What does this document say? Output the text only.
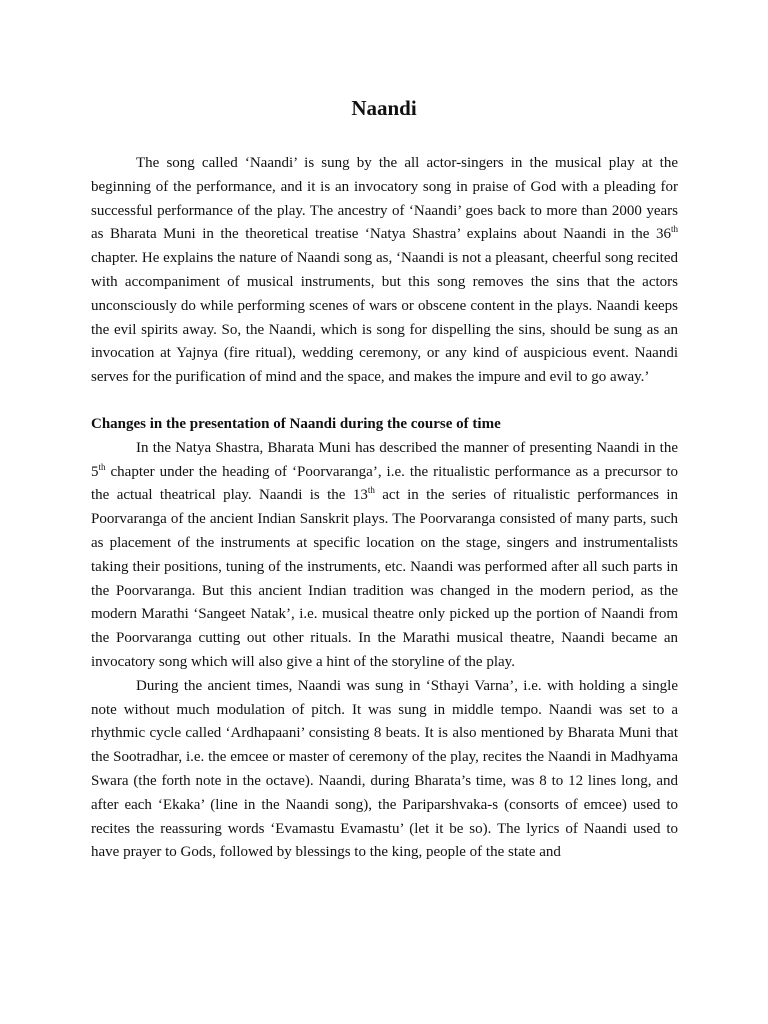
Naandi

The song called ‘Naandi’ is sung by the all actor-singers in the musical play at the beginning of the performance, and it is an invocatory song in praise of God with a pleading for successful performance of the play. The ancestry of ‘Naandi’ goes back to more than 2000 years as Bharata Muni in the theoretical treatise ‘Natya Shastra’ explains about Naandi in the 36th chapter. He explains the nature of Naandi song as, ‘Naandi is not a pleasant, cheerful song recited with accompaniment of musical instruments, but this song removes the sins that the actors unconsciously do while performing scenes of wars or obscene content in the plays. Naandi keeps the evil spirits away. So, the Naandi, which is song for dispelling the sins, should be sung as an invocation at Yajnya (fire ritual), wedding ceremony, or any kind of auspicious event. Naandi serves for the purification of mind and the space, and makes the impure and evil to go away.’

Changes in the presentation of Naandi during the course of time

In the Natya Shastra, Bharata Muni has described the manner of presenting Naandi in the 5th chapter under the heading of ‘Poorvaranga’, i.e. the ritualistic performance as a precursor to the actual theatrical play. Naandi is the 13th act in the series of ritualistic performances in Poorvaranga of the ancient Indian Sanskrit plays. The Poorvaranga consisted of many parts, such as placement of the instruments at specific location on the stage, singers and instrumentalists taking their positions, tuning of the instruments, etc. Naandi was performed after all such parts in the Poorvaranga. But this ancient Indian tradition was changed in the modern period, as the modern Marathi ‘Sangeet Natak’, i.e. musical theatre only picked up the portion of Naandi from the Poorvaranga cutting out other rituals. In the Marathi musical theatre, Naandi became an invocatory song which will also give a hint of the storyline of the play.

During the ancient times, Naandi was sung in ‘Sthayi Varna’, i.e. with holding a single note without much modulation of pitch. It was sung in middle tempo. Naandi was set to a rhythmic cycle called ‘Ardhapaani’ consisting 8 beats. It is also mentioned by Bharata Muni that the Sootradhar, i.e. the emcee or master of ceremony of the play, recites the Naandi in Madhyama Swara (the forth note in the octave). Naandi, during Bharata’s time, was 8 to 12 lines long, and after each ‘Ekaka’ (line in the Naandi song), the Pariparshvaka-s (consorts of emcee) used to recites the reassuring words ‘Evamastu Evamastu’ (let it be so). The lyrics of Naandi used to have prayer to Gods, followed by blessings to the king, people of the state and
